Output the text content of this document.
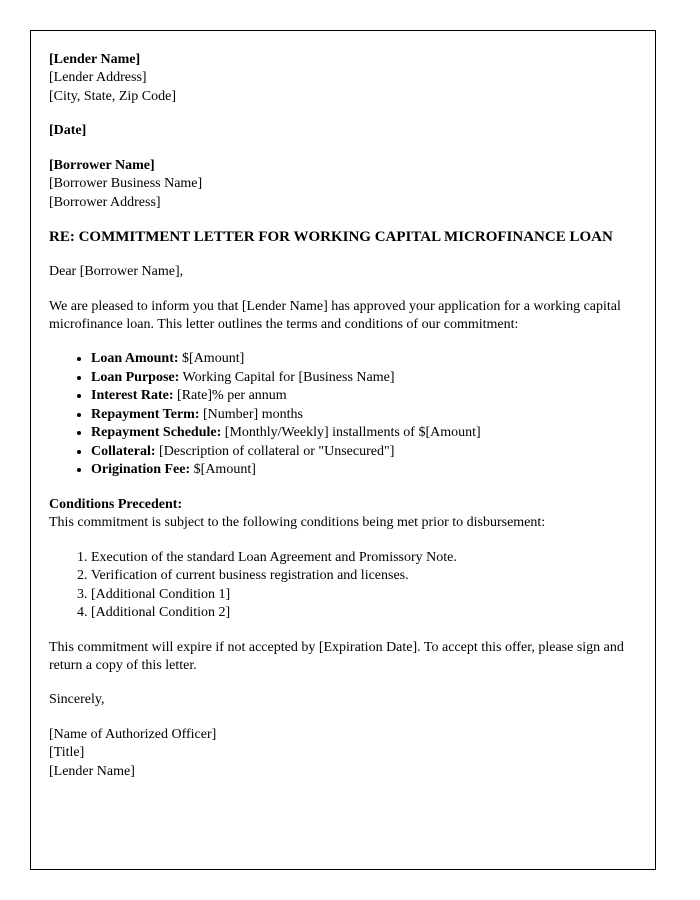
[Lender Name]
[Lender Address]
[City, State, Zip Code]
[Date]
[Borrower Name]
[Borrower Business Name]
[Borrower Address]
RE: COMMITMENT LETTER FOR WORKING CAPITAL MICROFINANCE LOAN
Dear [Borrower Name],
We are pleased to inform you that [Lender Name] has approved your application for a working capital microfinance loan. This letter outlines the terms and conditions of our commitment:
• Loan Amount: $[Amount]
• Loan Purpose: Working Capital for [Business Name]
• Interest Rate: [Rate]% per annum
• Repayment Term: [Number] months
• Repayment Schedule: [Monthly/Weekly] installments of $[Amount]
• Collateral: [Description of collateral or "Unsecured"]
• Origination Fee: $[Amount]
Conditions Precedent:
This commitment is subject to the following conditions being met prior to disbursement:
1. Execution of the standard Loan Agreement and Promissory Note.
2. Verification of current business registration and licenses.
3. [Additional Condition 1]
4. [Additional Condition 2]
This commitment will expire if not accepted by [Expiration Date]. To accept this offer, please sign and return a copy of this letter.
Sincerely,
[Name of Authorized Officer]
[Title]
[Lender Name]
